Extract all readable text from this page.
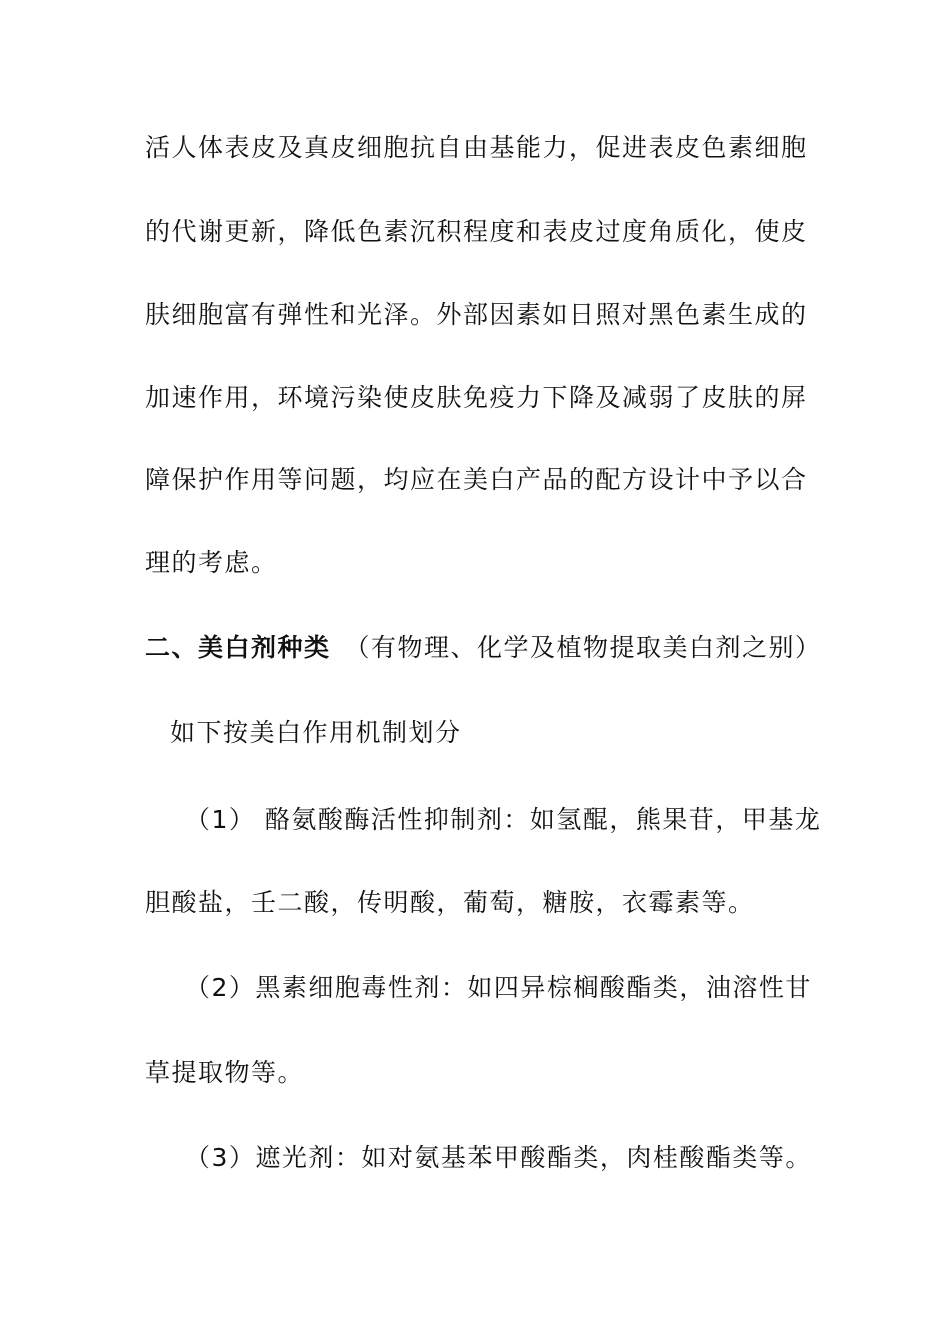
活人体表皮及真皮细胞抗自由基能力，促进表皮色素细胞
的代谢更新，降低色素沉积程度和表皮过度角质化，使皮
肤细胞富有弹性和光泽。外部因素如日照对黑色素生成的
加速作用，环境污染使皮肤免疫力下降及减弱了皮肤的屏
障保护作用等问题，均应在美白产品的配方设计中予以合
理的考虑。
二、美白剂种类 （有物理、化学及植物提取美白剂之别）
如下按美白作用机制划分
（1） 酪氨酸酶活性抑制剂：如氢醌，熊果苷，甲基龙
胆酸盐，壬二酸，传明酸，葡萄，糖胺，衣霉素等。
（2）黑素细胞毒性剂：如四异棕榈酸酯类，油溶性甘
草提取物等。
（3）遮光剂：如对氨基苯甲酸酯类，肉桂酸酯类等。
